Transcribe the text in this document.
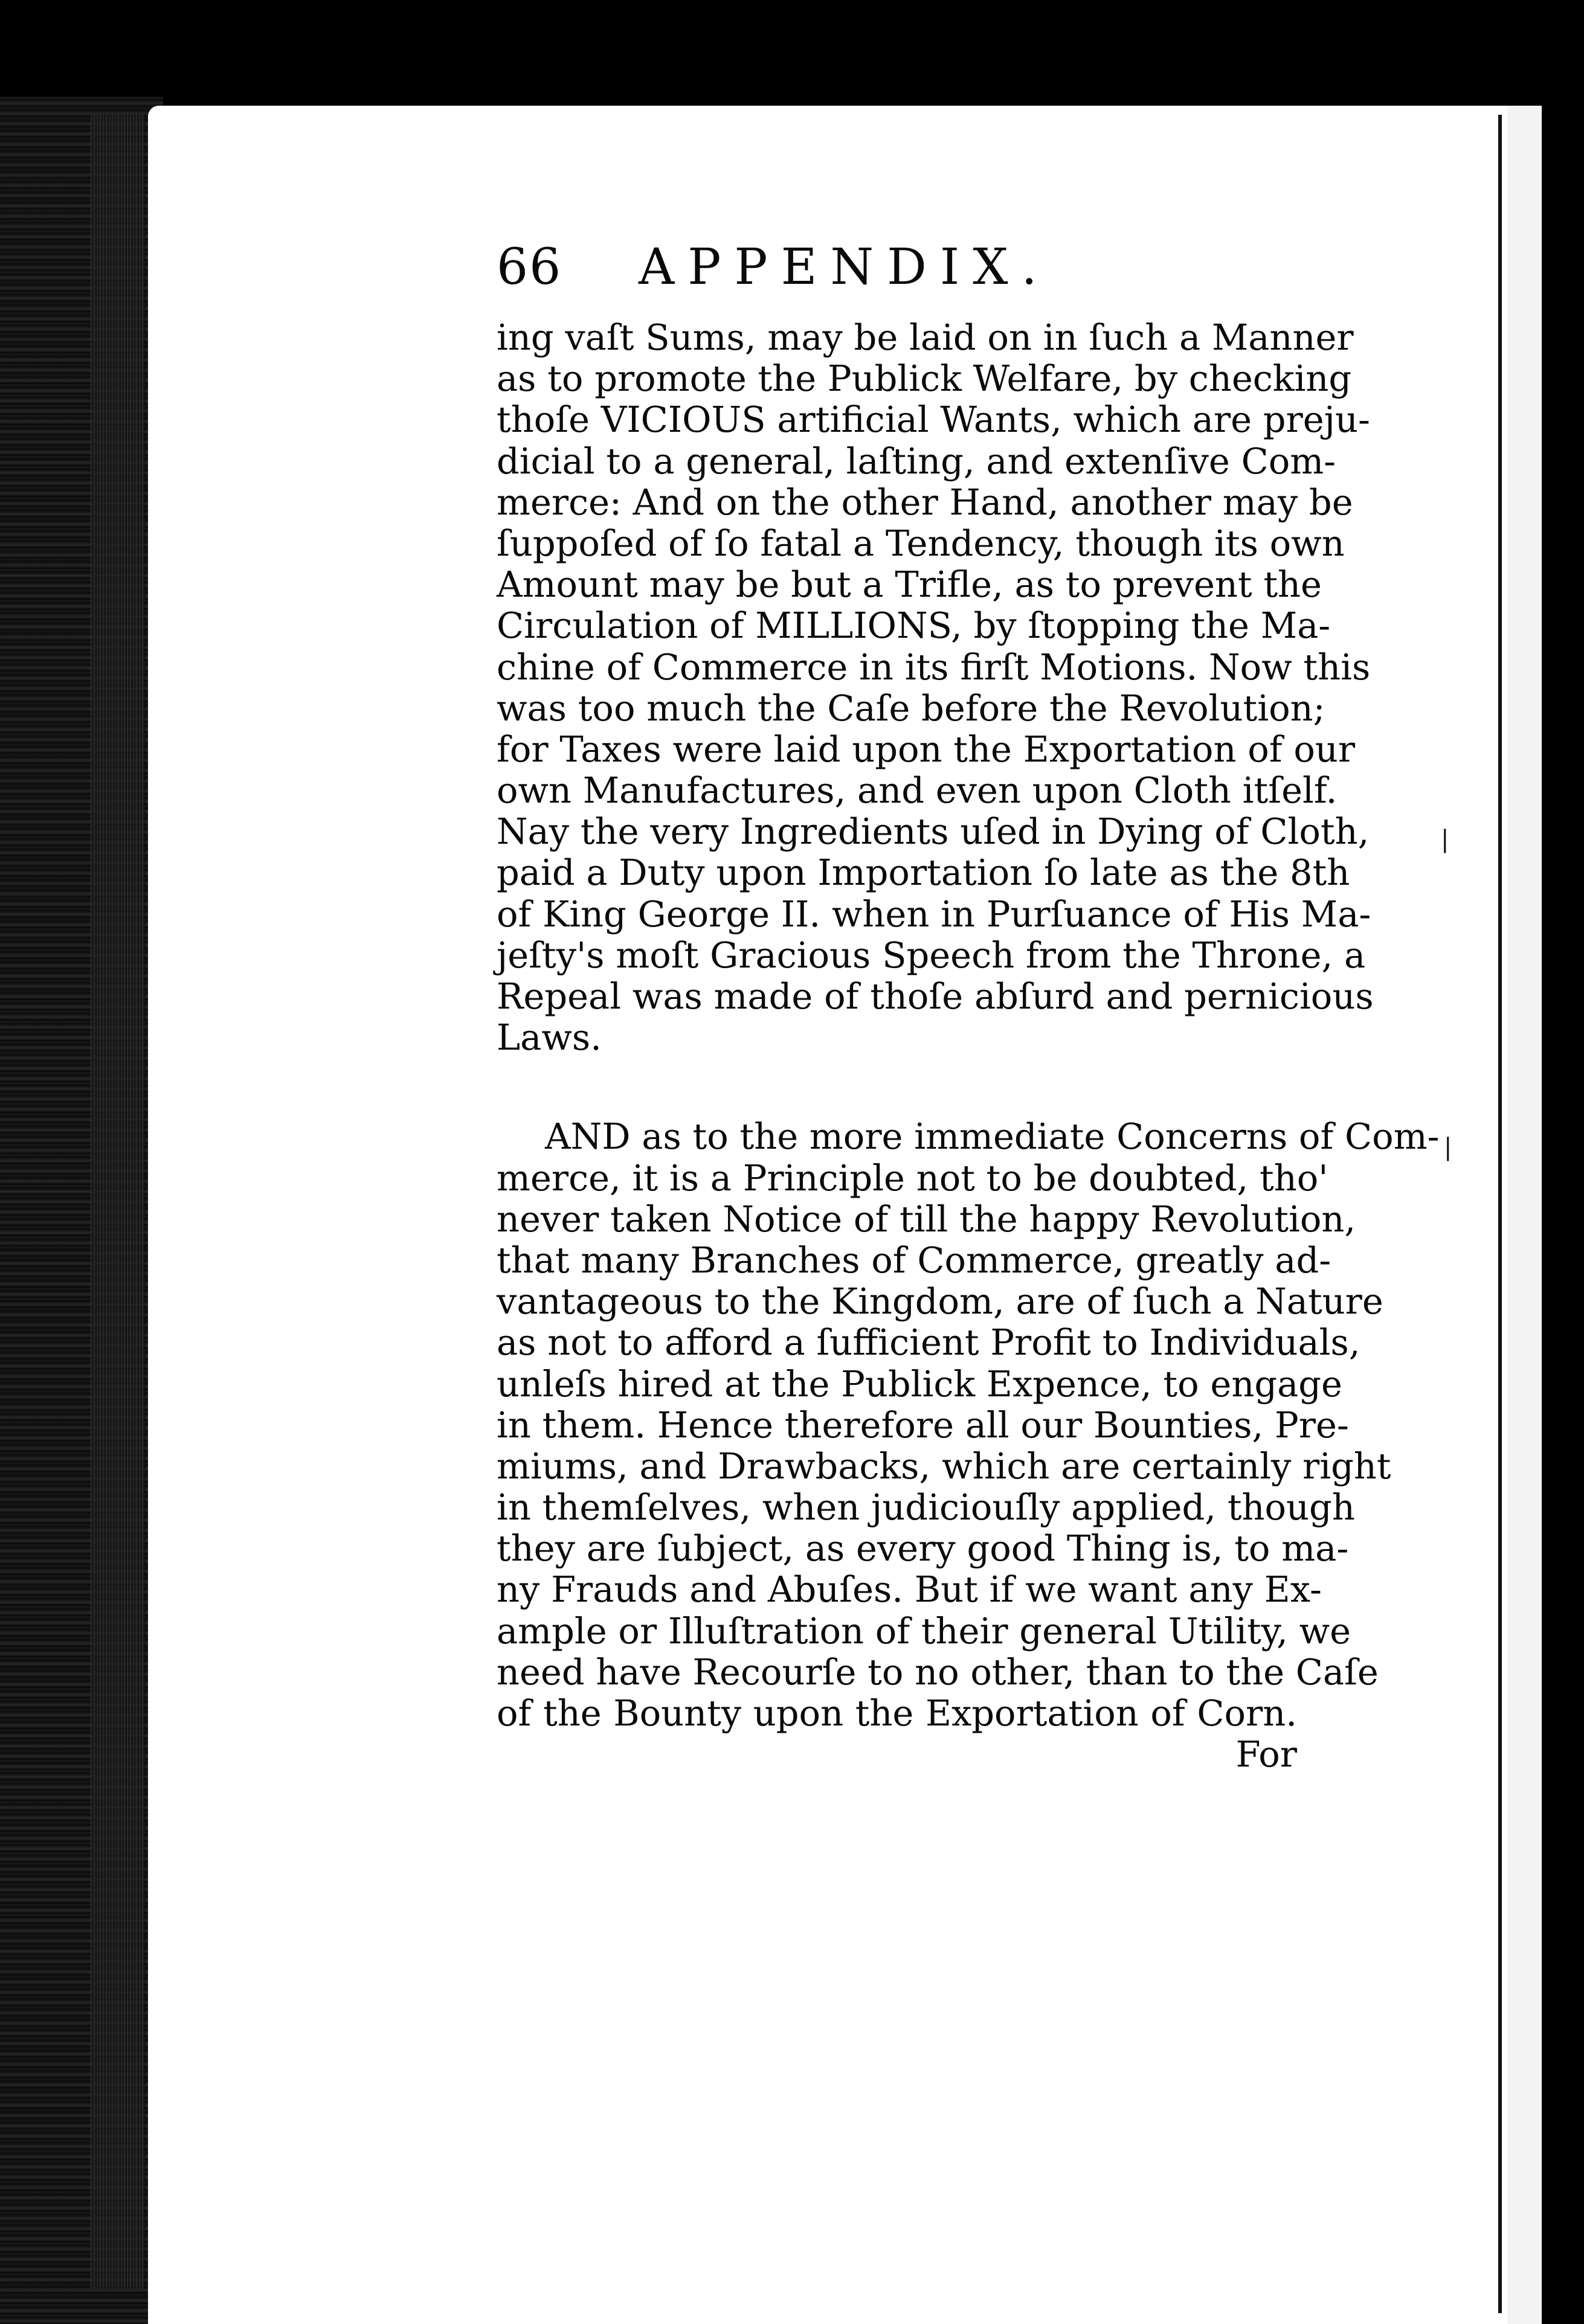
|
|
66	APPENDIX.
ing vaſt Sums, may be laid on in ſuch a Manner
as to promote the Publick Welfare, by checking
thoſe VICIOUS artificial Wants, which are preju-
dicial to a general, laſting, and extenſive Com-
merce: And on the other Hand, another may be
ſuppoſed of ſo fatal a Tendency, though its own
Amount may be but a Trifle, as to prevent the
Circulation of MILLIONS, by ſtopping the Ma-
chine of Commerce in its firſt Motions. Now this
was too much the Caſe before the Revolution;
for Taxes were laid upon the Exportation of our
own Manufactures, and even upon Cloth itſelf.
Nay the very Ingredients uſed in Dying of Cloth,
paid a Duty upon Importation ſo late as the 8th
of King George II. when in Purſuance of His Ma-
jeſty's moſt Gracious Speech from the Throne, a
Repeal was made of thoſe abſurd and pernicious
Laws.
AND as to the more immediate Concerns of Com-
merce, it is a Principle not to be doubted, tho'
never taken Notice of till the happy Revolution,
that many Branches of Commerce, greatly ad-
vantageous to the Kingdom, are of ſuch a Nature
as not to afford a ſufficient Profit to Individuals,
unleſs hired at the Publick Expence, to engage
in them. Hence therefore all our Bounties, Pre-
miums, and Drawbacks, which are certainly right
in themſelves, when judiciouſly applied, though
they are ſubject, as every good Thing is, to ma-
ny Frauds and Abuſes. But if we want any Ex-
ample or Illuſtration of their general Utility, we
need have Recourſe to no other, than to the Caſe
of the Bounty upon the Exportation of Corn.
For
